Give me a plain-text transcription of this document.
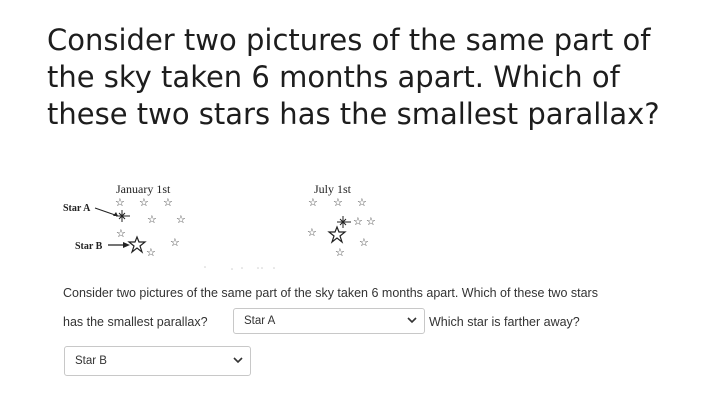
Consider two pictures of the same part of
the sky taken 6 months apart. Which of
these two stars has the smallest parallax?
January 1st	July 1st
Star A
Star B
☆ ☆ ☆
☆ ☆
☆
☆
☆
☆ ☆ ☆
☆ ☆
☆
☆
☆
Consider two pictures of the same part of the sky taken 6 months apart. Which of these two stars
has the smallest parallax?	Star A	Which star is farther away?
Star B
